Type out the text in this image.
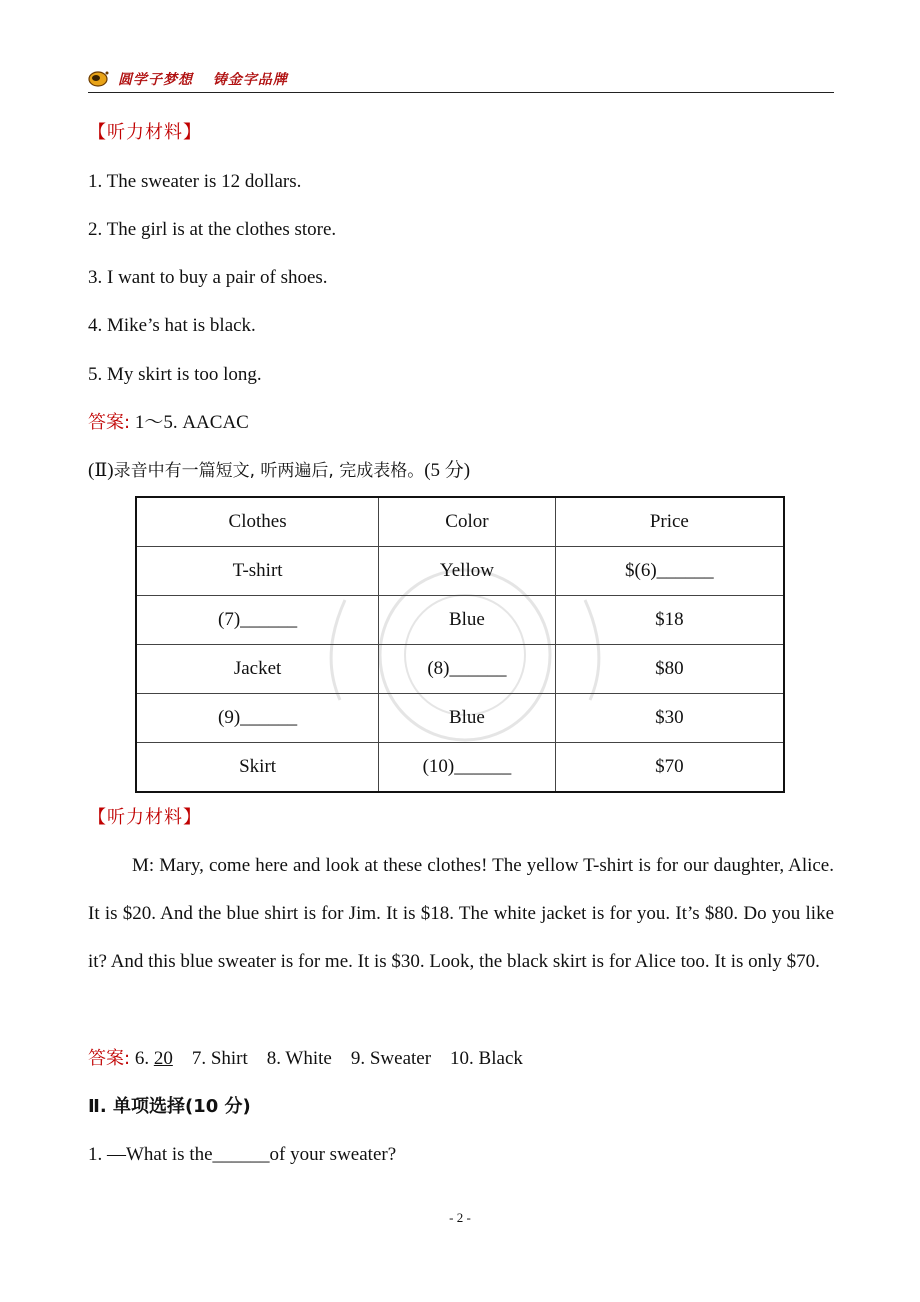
圆学子梦想 铸金字品牌
【听力材料】
1. The sweater is 12 dollars.
2. The girl is at the clothes store.
3. I want to buy a pair of shoes.
4. Mike’s hat is black.
5. My skirt is too long.
答案: 1～5. AACAC
(Ⅱ)录音中有一篇短文, 听两遍后, 完成表格。(5 分)
Clothes	Color	Price
T-shirt	Yellow	$(6)______
(7)______	Blue	$18
Jacket	(8)______	$80
(9)______	Blue	$30
Skirt	(10)______	$70
【听力材料】

M: Mary, come here and look at these clothes! The yellow T-shirt is for our daughter, Alice. It is $20. And the blue shirt is for Jim. It is $18. The white jacket is for you. It’s $80. Do you like it? And this blue sweater is for me. It is $30. Look, the black skirt is for Alice too. It is only $70.

答案: 6. 20    7. Shirt    8. White    9. Sweater    10. Black
Ⅱ. 单项选择(10 分)
1. —What is the______of your sweater?
- 2 -
